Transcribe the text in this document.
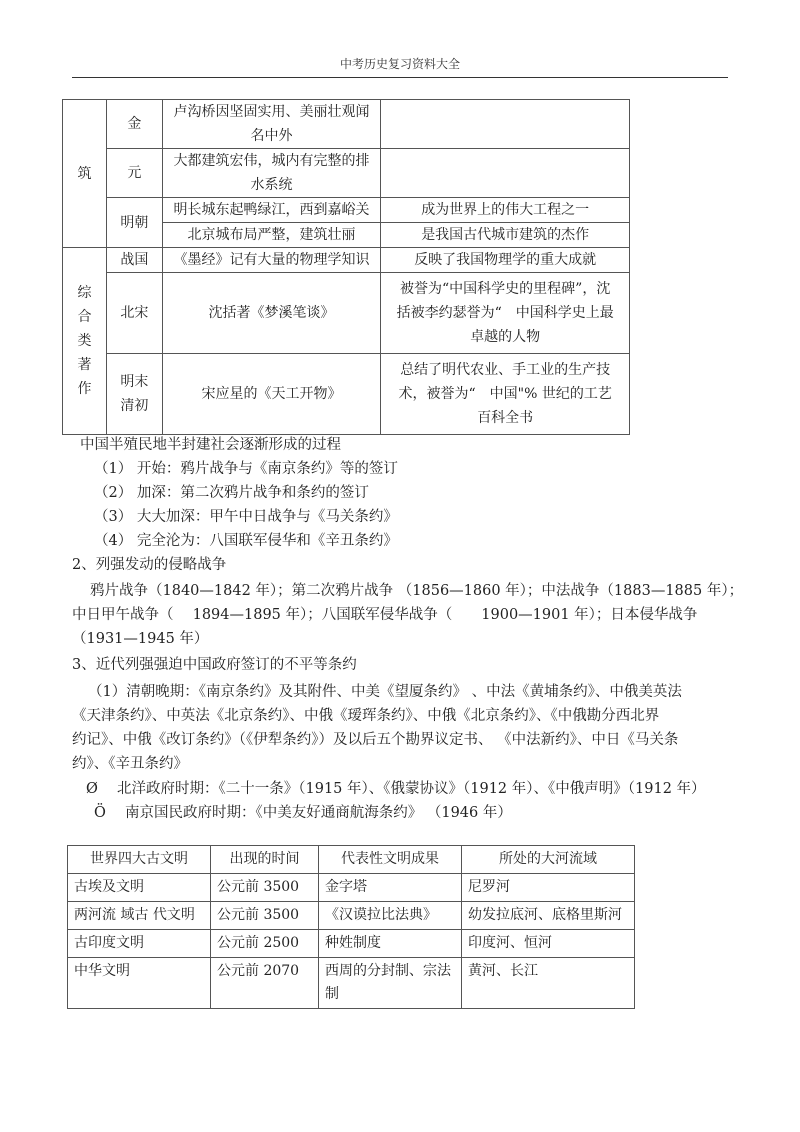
中考历史复习资料大全
筑	金	卢沟桥因坚固实用、美丽壮观闻名中外	
	元	大都建筑宏伟，城内有完整的排水系统	
	明朝	明长城东起鸭绿江，西到嘉峪关	成为世界上的伟大工程之一
		北京城布局严整，建筑壮丽	是我国古代城市建筑的杰作

综
合
类
著
作	战国	《墨经》记有大量的物理学知识	反映了我国物理学的重大成就
	北宋	沈括著《梦溪笔谈》	被誉为“中国科学史的里程碑”，沈括被李约瑟誉为“　中国科学史上最卓越的人物
	明末清初	宋应星的《天工开物》	总结了明代农业、手工业的生产技术，被誉为“　中国"% 世纪的工艺百科全书
中国半殖民地半封建社会逐渐形成的过程
（1） 开始：鸦片战争与《南京条约》等的签订
（2） 加深：第二次鸦片战争和条约的签订
（3） 大大加深：甲午中日战争与《马关条约》
（4） 完全沦为：八国联军侵华和《辛丑条约》
2、列强发动的侵略战争
鸦片战争（1840—1842 年）；第二次鸦片战争 （1856—1860 年）；中法战争（1883—1885 年）；
中日甲午战争（　 1894—1895 年）；八国联军侵华战争（　　1900—1901 年）；日本侵华战争
（1931—1945 年）
3、近代列强强迫中国政府签订的不平等条约
（1）清朝晚期：《南京条约》及其附件、中美《望厦条约》 、中法《黄埔条约》、中俄美英法
《天津条约》、中英法《北京条约》、中俄《瑷珲条约》、中俄《北京条约》、《中俄勘分西北界
约记》、中俄《改订条约》（《伊犁条约》）及以后五个勘界议定书、 《中法新约》、中日《马关条
约》、《辛丑条约》
Ø　 北洋政府时期：《二十一条》（1915 年）、《俄蒙协议》（1912 年）、《中俄声明》（1912 年）
Ö　 南京国民政府时期：《中美友好通商航海条约》 （1946 年）
世界四大古文明	出现的时间	代表性文明成果	所处的大河流域
古埃及文明	公元前 3500	金字塔	尼罗河
两河流 域古 代文明	公元前 3500	《汉谟拉比法典》	幼发拉底河、底格里斯河
古印度文明	公元前 2500	种姓制度	印度河、恒河
中华文明	公元前 2070	西周的分封制、宗法制	黄河、长江
